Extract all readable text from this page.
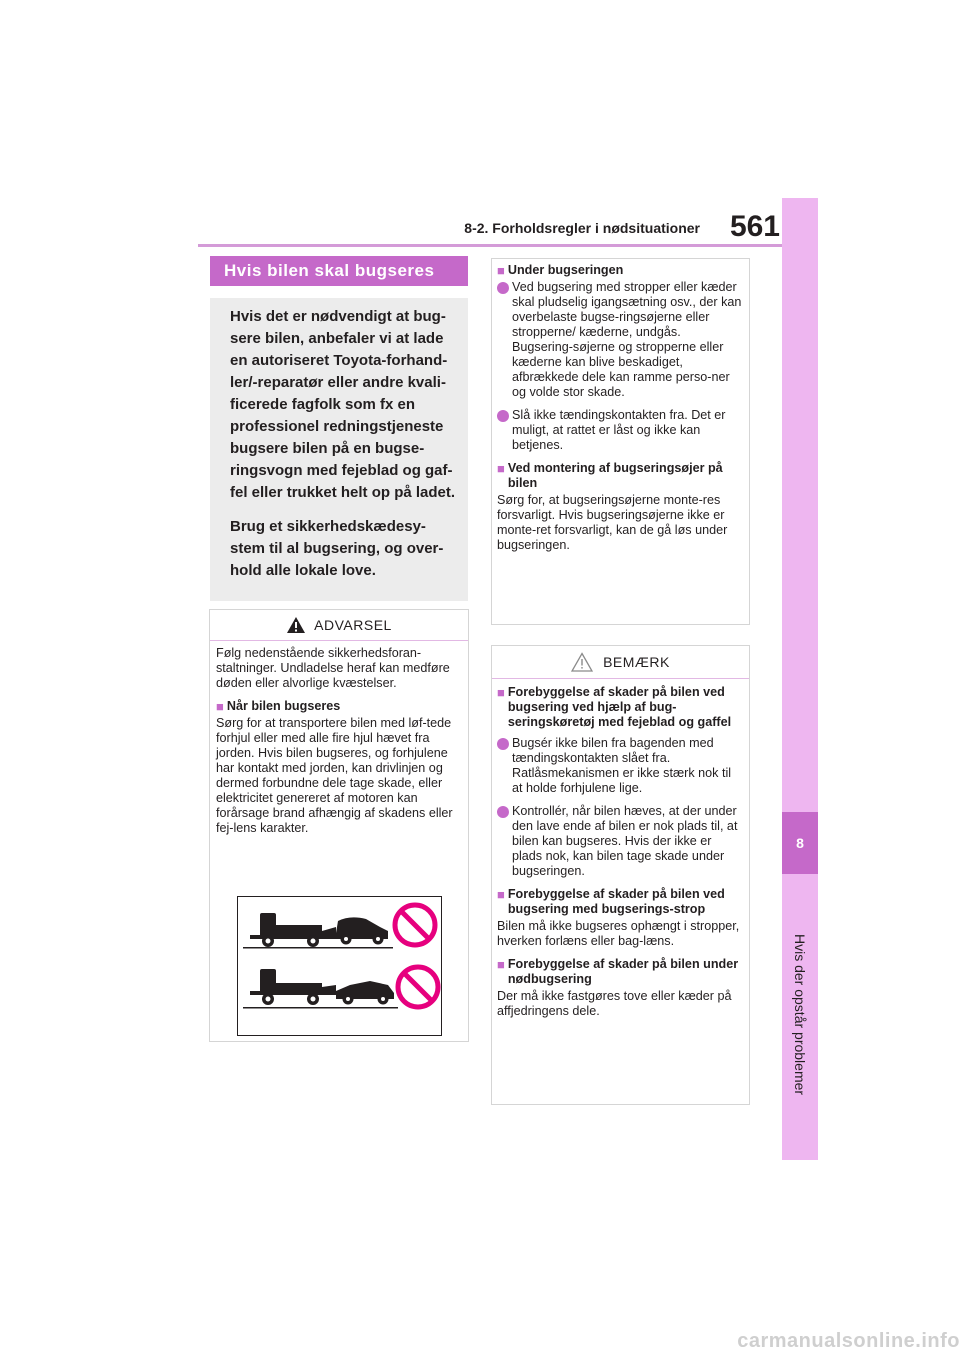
561
8-2. Forholdsregler i nødsituationer
8
Hvis der opstår problemer
Hvis bilen skal bugseres

Hvis det er nødvendigt at bug-sere bilen, anbefaler vi at lade en autoriseret Toyota-forhand-ler/-reparatør eller andre kvali-ficerede fagfolk som fx en professionel redningstjeneste bugsere bilen på en bugse-ringsvogn med fejeblad og gaf-fel eller trukket helt op på ladet.

Brug et sikkerhedskædesy-stem til al bugsering, og over-hold alle lokale love.

ADVARSEL

Følg nedenstående sikkerhedsforan-staltninger. Undladelse heraf kan medføre døden eller alvorlige kvæstelser.

■ Når bilen bugseres

Sørg for at transportere bilen med løf-tede forhjul eller med alle fire hjul hævet fra jorden. Hvis bilen bugseres, og forhjulene har kontakt med jorden, kan drivlinjen og dermed forbundne dele tage skade, eller elektricitet genereret af motoren kan forårsage brand afhængig af skadens eller fej-lens karakter.

■ Under bugseringen
Ved bugsering med stropper eller kæder skal pludselig igangsætning osv., der kan overbelaste bugse-ringsøjerne eller stropperne/ kæderne, undgås. Bugsering-søjerne og stropperne eller kæderne kan blive beskadiget, afbrækkede dele kan ramme perso-ner og volde stor skade.
Slå ikke tændingskontakten fra. Det er muligt, at rattet er låst og ikke kan betjenes.
■ Ved montering af bugseringsøjer på bilen

Sørg for, at bugseringsøjerne monte-res forsvarligt. Hvis bugseringsøjerne ikke er monte-ret forsvarligt, kan de gå løs under bugseringen.

BEMÆRK
■ Forebyggelse af skader på bilen ved bugsering ved hjælp af bug-seringskøretøj med fejeblad og gaffel
Bugsér ikke bilen fra bagenden med tændingskontakten slået fra. Ratlåsmekanismen er ikke stærk nok til at holde forhjulene lige.
Kontrollér, når bilen hæves, at der under den lave ende af bilen er nok plads til, at bilen kan bugseres. Hvis der ikke er plads nok, kan bilen tage skade under bugseringen.
■ Forebyggelse af skader på bilen ved bugsering med bugserings-strop

Bilen må ikke bugseres ophængt i stropper, hverken forlæns eller bag-læns.

■ Forebyggelse af skader på bilen under nødbugsering

Der må ikke fastgøres tove eller kæder på affjedringens dele.

carmanualsonline.info
